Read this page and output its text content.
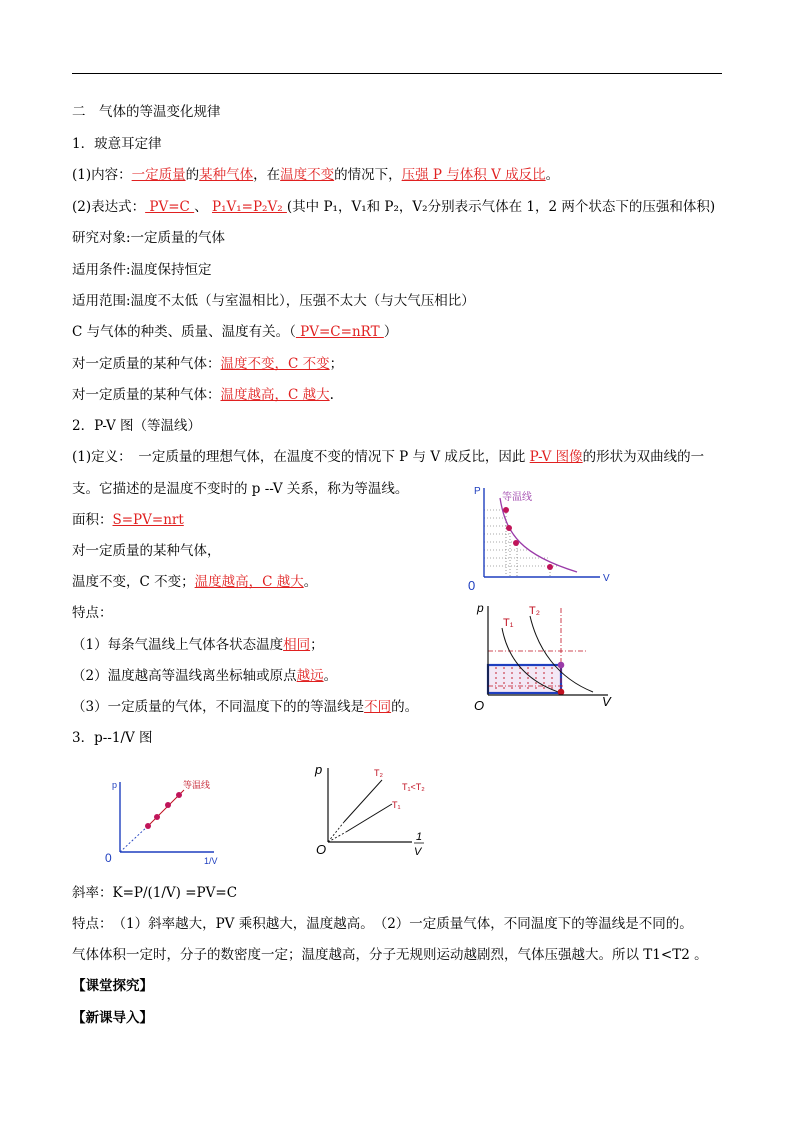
二　气体的等温变化规律
1．玻意耳定律
(1)内容：一定质量的某种气体，在温度不变的情况下，压强 P 与体积 V 成反比。
(2)表达式： PV=C 、 P₁V₁=P₂V₂ (其中 P₁，V₁和 P₂，V₂分别表示气体在 1，2 两个状态下的压强和体积)
研究对象:一定质量的气体
适用条件:温度保持恒定
适用范围:温度不太低（与室温相比），压强不太大（与大气压相比）
C 与气体的种类、质量、温度有关。（ PV=C=nRT ）
对一定质量的某种气体：温度不变，C 不变；
对一定质量的某种气体：温度越高，C 越大.
2．P-V 图（等温线）
(1)定义：　一定质量的理想气体，在温度不变的情况下 P 与 V 成反比，因此 P-V 图像的形状为双曲线的一
支。它描述的是温度不变时的 p --V 关系，称为等温线。
面积：S=PV=nrt
对一定质量的某种气体，
温度不变，C 不变；温度越高，C 越大。
特点：
（1）每条气温线上气体各状态温度相同；
（2）温度越高等温线离坐标轴或原点越远。
（3）一定质量的气体，不同温度下的的等温线是不同的。
3．p--1/V 图
斜率：K=P/(1/V) =PV=C
特点：　（1）斜率越大，PV 乘积越大，温度越高。　（2）一定质量气体，不同温度下的等温线是不同的。
气体体积一定时，分子的数密度一定；温度越高，分子无规则运动越剧烈，气体压强越大。所以 T1<T2 。
【课堂探究】
【新课导入】
P
V
0
等温线
p
V
O
T₁
T₂
p
1/V
0
等温线
p
O
T₂
T₁
T₁<T₂
1
V
